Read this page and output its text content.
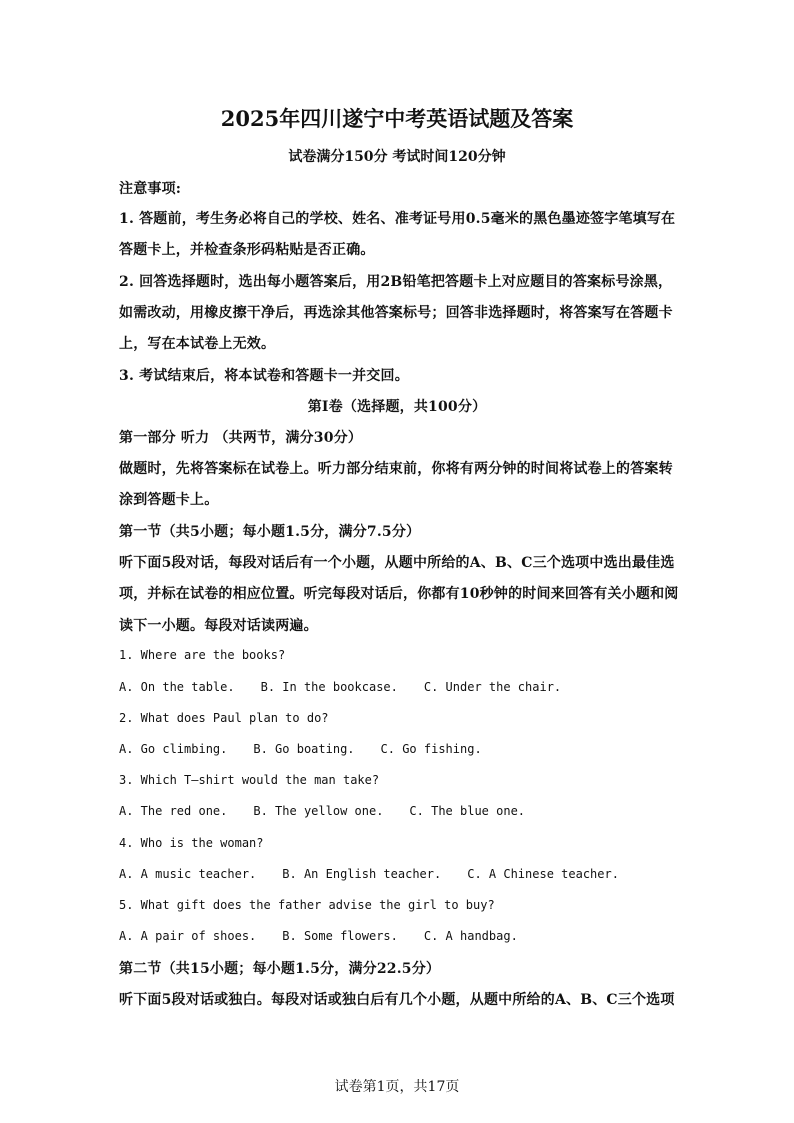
2025年四川遂宁中考英语试题及答案
试卷满分150分 考试时间120分钟
注意事项:
1. 答题前，考生务必将自己的学校、姓名、准考证号用0.5毫米的黑色墨迹签字笔填写在
答题卡上，并检查条形码粘贴是否正确。
2. 回答选择题时，选出每小题答案后，用2B铅笔把答题卡上对应题目的答案标号涂黑，
如需改动，用橡皮擦干净后，再选涂其他答案标号；回答非选择题时，将答案写在答题卡
上，写在本试卷上无效。
3. 考试结束后，将本试卷和答题卡一并交回。
第I卷（选择题，共100分）
第一部分 听力 （共两节，满分30分）
做题时，先将答案标在试卷上。听力部分结束前，你将有两分钟的时间将试卷上的答案转
涂到答题卡上。
第一节（共5小题；每小题1.5分，满分7.5分）
听下面5段对话，每段对话后有一个小题，从题中所给的A、B、C三个选项中选出最佳选
项，并标在试卷的相应位置。听完每段对话后，你都有10秒钟的时间来回答有关小题和阅
读下一小题。每段对话读两遍。
1. Where are the books?
A. On the table. B. In the bookcase. C. Under the chair.
2. What does Paul plan to do?
A. Go climbing. B. Go boating. C. Go fishing.
3. Which T—shirt would the man take?
A. The red one. B. The yellow one. C. The blue one.
4. Who is the woman?
A. A music teacher. B. An English teacher. C. A Chinese teacher.
5. What gift does the father advise the girl to buy?
A. A pair of shoes. B. Some flowers. C. A handbag.
第二节（共15小题；每小题1.5分，满分22.5分）
听下面5段对话或独白。每段对话或独白后有几个小题，从题中所给的A、B、C三个选项
试卷第1页，共17页
